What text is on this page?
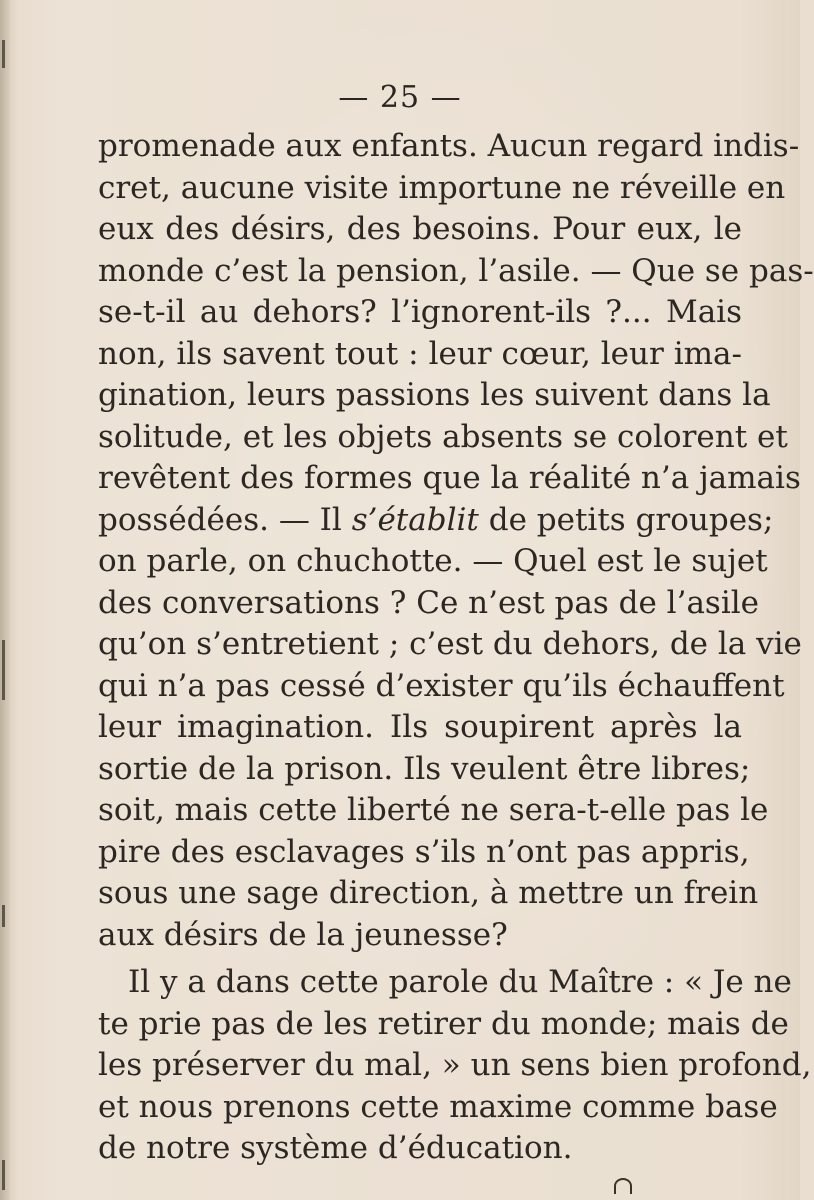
— 25 —
promenade aux enfants. Aucun regard indis-
cret, aucune visite importune ne réveille en
eux des désirs, des besoins. Pour eux, le
monde c’est la pension, l’asile. — Que se pas-
se-t-il au dehors? l’ignorent-ils ?... Mais
non, ils savent tout : leur cœur, leur ima-
gination, leurs passions les suivent dans la
solitude, et les objets absents se colorent et
revêtent des formes que la réalité n’a jamais
possédées. — Il s’établit de petits groupes;
on parle, on chuchotte. — Quel est le sujet
des conversations ? Ce n’est pas de l’asile
qu’on s’entretient ; c’est du dehors, de la vie
qui n’a pas cessé d’exister qu’ils échauffent
leur imagination. Ils soupirent après la
sortie de la prison. Ils veulent être libres;
soit, mais cette liberté ne sera-t-elle pas le
pire des esclavages s’ils n’ont pas appris,
sous une sage direction, à mettre un frein
aux désirs de la jeunesse?
Il y a dans cette parole du Maître : « Je ne
te prie pas de les retirer du monde; mais de
les préserver du mal, » un sens bien profond,
et nous prenons cette maxime comme base
de notre système d’éducation.
